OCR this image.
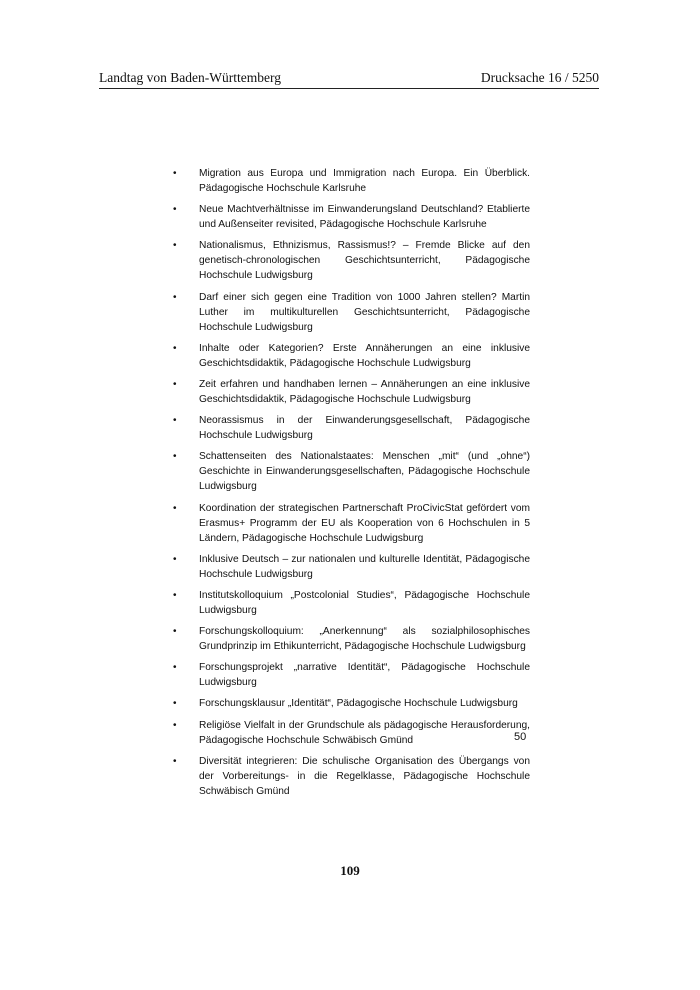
Landtag von Baden-Württemberg	Drucksache 16 / 5250
• Migration aus Europa und Immigration nach Europa. Ein Überblick. Pädagogische Hochschule Karlsruhe
• Neue Machtverhältnisse im Einwanderungsland Deutschland? Etablierte und Außenseiter revisited, Pädagogische Hochschule Karlsruhe
• Nationalismus, Ethnizismus, Rassismus!? – Fremde Blicke auf den genetisch-chronologischen Geschichtsunterricht, Pädagogische Hochschule Ludwigsburg
• Darf einer sich gegen eine Tradition von 1000 Jahren stellen? Martin Luther im multikulturellen Geschichtsunterricht, Pädagogische Hochschule Ludwigsburg
• Inhalte oder Kategorien? Erste Annäherungen an eine inklusive Geschichtsdidaktik, Pädagogische Hochschule Ludwigsburg
• Zeit erfahren und handhaben lernen – Annäherungen an eine inklusive Geschichtsdidaktik, Pädagogische Hochschule Ludwigsburg
• Neorassismus in der Einwanderungsgesellschaft, Pädagogische Hochschule Ludwigsburg
• Schattenseiten des Nationalstaates: Menschen „mit“ (und „ohne“) Geschichte in Einwanderungsgesellschaften, Pädagogische Hochschule Ludwigsburg
• Koordination der strategischen Partnerschaft ProCivicStat gefördert vom Erasmus+ Programm der EU als Kooperation von 6 Hochschulen in 5 Ländern, Pädagogische Hochschule Ludwigsburg
• Inklusive Deutsch – zur nationalen und kulturelle Identität, Pädagogische Hochschule Ludwigsburg
• Institutskolloquium „Postcolonial Studies“, Pädagogische Hochschule Ludwigsburg
• Forschungskolloquium: „Anerkennung“ als sozialphilosophisches Grundprinzip im Ethikunterricht, Pädagogische Hochschule Ludwigsburg
• Forschungsprojekt „narrative Identität“, Pädagogische Hochschule Ludwigsburg
• Forschungsklausur „Identität“, Pädagogische Hochschule Ludwigsburg
• Religiöse Vielfalt in der Grundschule als pädagogische Herausforderung, Pädagogische Hochschule Schwäbisch Gmünd
• Diversität integrieren: Die schulische Organisation des Übergangs von der Vorbereitungs- in die Regelklasse, Pädagogische Hochschule Schwäbisch Gmünd
50
109
